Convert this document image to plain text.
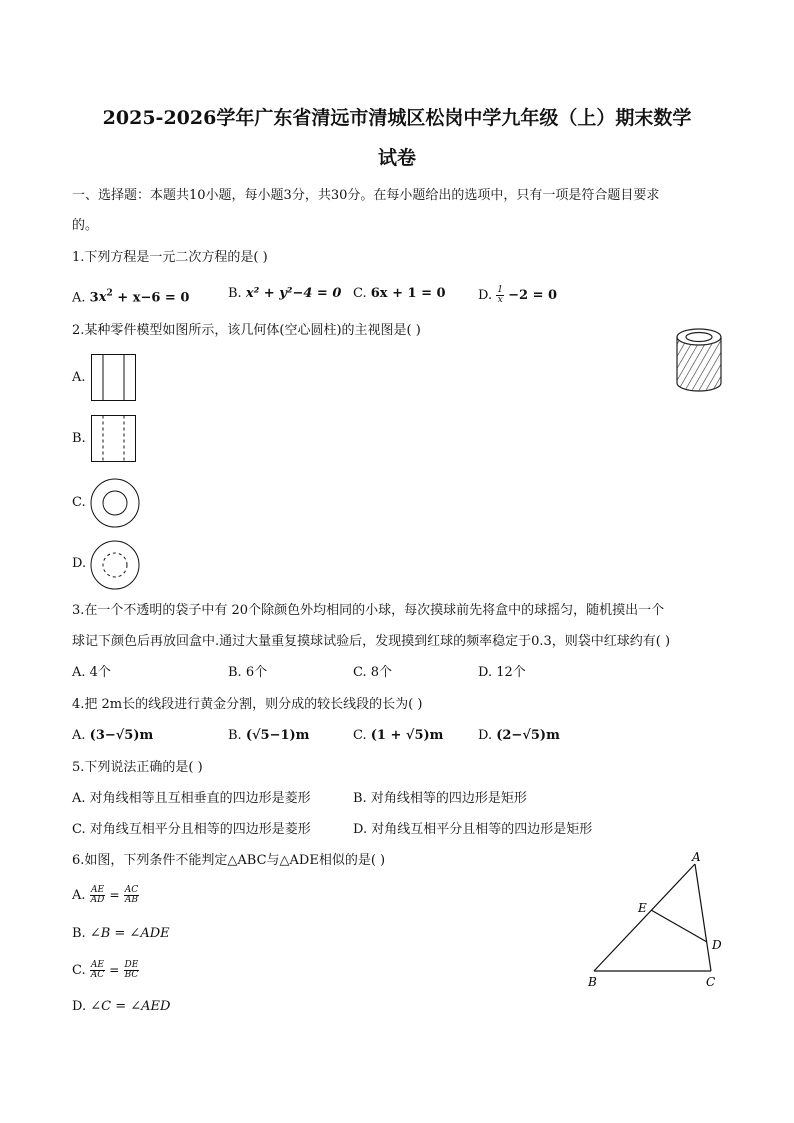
2025-2026学年广东省清远市清城区松岗中学九年级（上）期末数学
试卷
一、选择题：本题共10小题，每小题3分，共30分。在每小题给出的选项中，只有一项是符合题目要求
的。
1.下列方程是一元二次方程的是( )
A. $3x^2 + x-6 = 0$	B. x² + y²−4 = 0 C. 6x + 1 = 0 D. $\frac{1}{x} -2 = 0$
2.某种零件模型如图所示，该几何体(空心圆柱)的主视图是( )
A.
B.
C.
D.
3.在一个不透明的袋子中有 20个除颜色外均相同的小球，每次摸球前先将盒中的球摇匀，随机摸出一个
球记下颜色后再放回盒中.通过大量重复摸球试验后，发现摸到红球的频率稳定于0.3，则袋中红球约有( )
A. 4个	B. 6个	C. 8个	D. 12个
4.把 2m长的线段进行黄金分割，则分成的较长线段的长为( )
A. (3−√5)m	B. (√5−1)m	C. (1 + √5)m	D. (2−√5)m
5.下列说法正确的是( )
A. 对角线相等且互相垂直的四边形是菱形	B. 对角线相等的四边形是矩形
C. 对角线互相平分且相等的四边形是菱形	D. 对角线互相平分且相等的四边形是矩形
6.如图，下列条件不能判定△ABC与△ADE相似的是( )
A. $\frac{AE}{AD} = \frac{AC}{AB}$
B. ∠B = ∠ADE
C. $\frac{AE}{AC} = \frac{DE}{BC}$
D. ∠C = ∠AED
A
E
D
B	C
